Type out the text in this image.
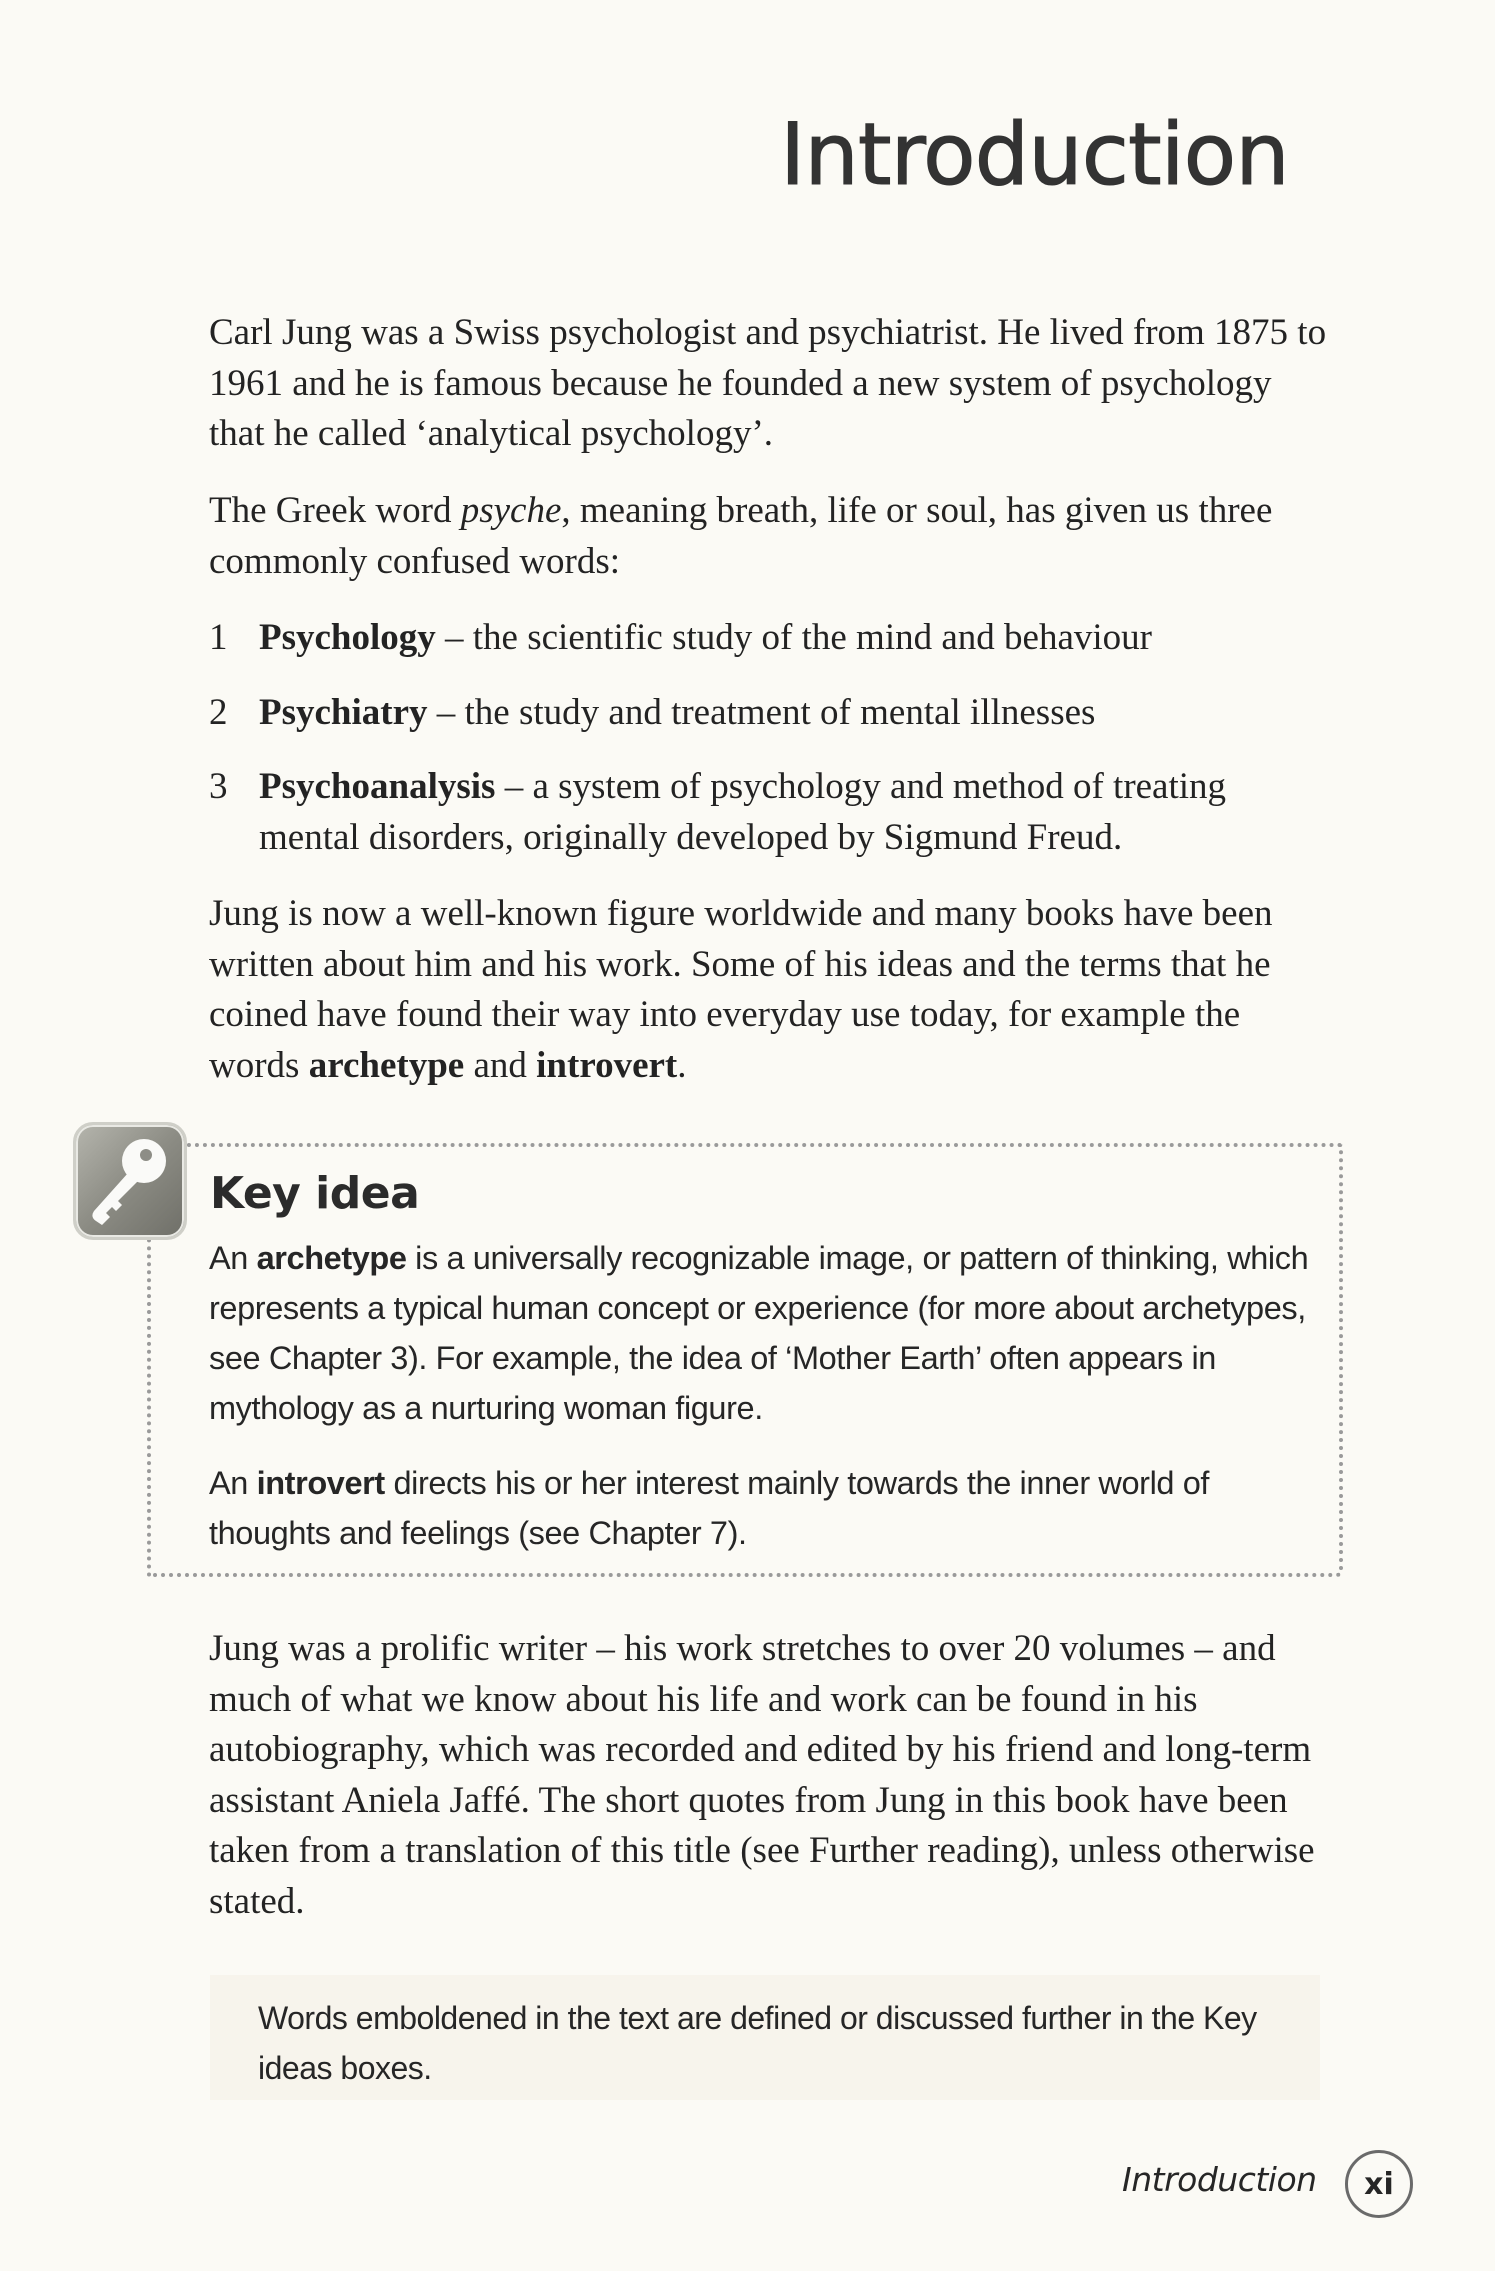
Introduction

Carl Jung was a Swiss psychologist and psychiatrist. He lived from 1875 to 1961 and he is famous because he founded a new system of psychology that he called ‘analytical psychology’.

The Greek word psyche, meaning breath, life or soul, has given us three commonly confused words:

1 Psychology – the scientific study of the mind and behaviour
2 Psychiatry – the study and treatment of mental illnesses
3 Psychoanalysis – a system of psychology and method of treating mental disorders, originally developed by Sigmund Freud.

Jung is now a well-known figure worldwide and many books have been written about him and his work. Some of his ideas and the terms that he coined have found their way into everyday use today, for example the words archetype and introvert.

Key idea

An archetype is a universally recognizable image, or pattern of thinking, which represents a typical human concept or experience (for more about archetypes, see Chapter 3). For example, the idea of ‘Mother Earth’ often appears in mythology as a nurturing woman figure.

An introvert directs his or her interest mainly towards the inner world of thoughts and feelings (see Chapter 7).

Jung was a prolific writer – his work stretches to over 20 volumes – and much of what we know about his life and work can be found in his autobiography, which was recorded and edited by his friend and long-term assistant Aniela Jaffé. The short quotes from Jung in this book have been taken from a translation of this title (see Further reading), unless otherwise stated.

Words emboldened in the text are defined or discussed further in the Key ideas boxes.

Introduction xi
